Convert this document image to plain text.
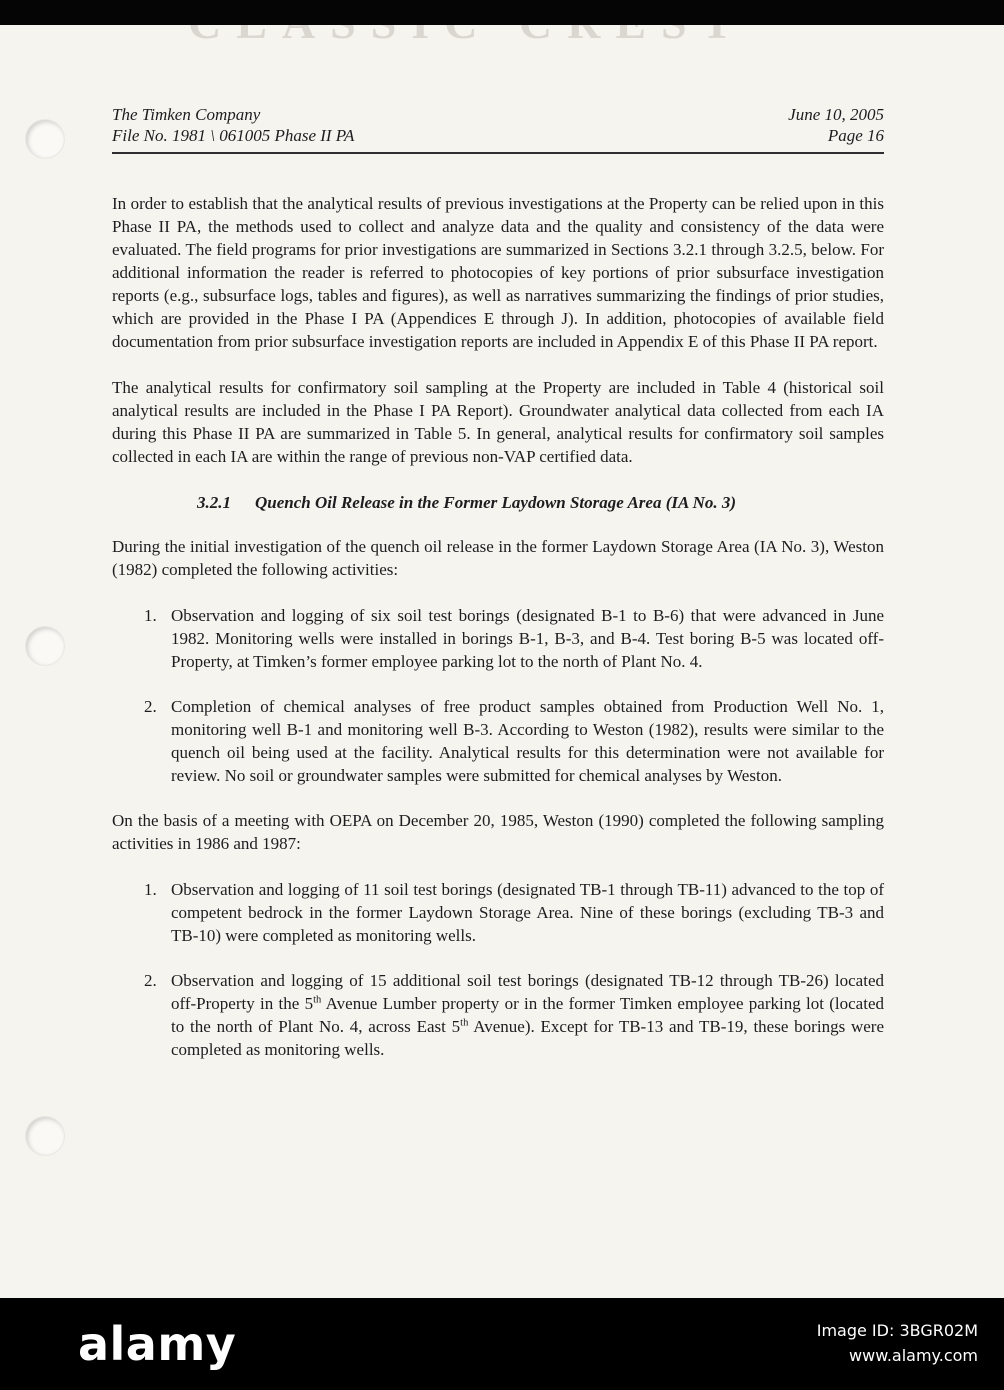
The Timken Company
File No. 1981 \ 061005 Phase II PA
June 10, 2005
Page 16

In order to establish that the analytical results of previous investigations at the Property can be relied upon in this Phase II PA, the methods used to collect and analyze data and the quality and consistency of the data were evaluated. The field programs for prior investigations are summarized in Sections 3.2.1 through 3.2.5, below. For additional information the reader is referred to photocopies of key portions of prior subsurface investigation reports (e.g., subsurface logs, tables and figures), as well as narratives summarizing the findings of prior studies, which are provided in the Phase I PA (Appendices E through J). In addition, photocopies of available field documentation from prior subsurface investigation reports are included in Appendix E of this Phase II PA report.

The analytical results for confirmatory soil sampling at the Property are included in Table 4 (historical soil analytical results are included in the Phase I PA Report). Groundwater analytical data collected from each IA during this Phase II PA are summarized in Table 5. In general, analytical results for confirmatory soil samples collected in each IA are within the range of previous non-VAP certified data.

3.2.1 Quench Oil Release in the Former Laydown Storage Area (IA No. 3)

During the initial investigation of the quench oil release in the former Laydown Storage Area (IA No. 3), Weston (1982) completed the following activities:

1. Observation and logging of six soil test borings (designated B-1 to B-6) that were advanced in June 1982. Monitoring wells were installed in borings B-1, B-3, and B-4. Test boring B-5 was located off-Property, at Timken’s former employee parking lot to the north of Plant No. 4.

2. Completion of chemical analyses of free product samples obtained from Production Well No. 1, monitoring well B-1 and monitoring well B-3. According to Weston (1982), results were similar to the quench oil being used at the facility. Analytical results for this determination were not available for review. No soil or groundwater samples were submitted for chemical analyses by Weston.

On the basis of a meeting with OEPA on December 20, 1985, Weston (1990) completed the following sampling activities in 1986 and 1987:

1. Observation and logging of 11 soil test borings (designated TB-1 through TB-11) advanced to the top of competent bedrock in the former Laydown Storage Area. Nine of these borings (excluding TB-3 and TB-10) were completed as monitoring wells.

2. Observation and logging of 15 additional soil test borings (designated TB-12 through TB-26) located off-Property in the 5th Avenue Lumber property or in the former Timken employee parking lot (located to the north of Plant No. 4, across East 5th Avenue). Except for TB-13 and TB-19, these borings were completed as monitoring wells.

alamy	Image ID: 3BGR02M
www.alamy.com
